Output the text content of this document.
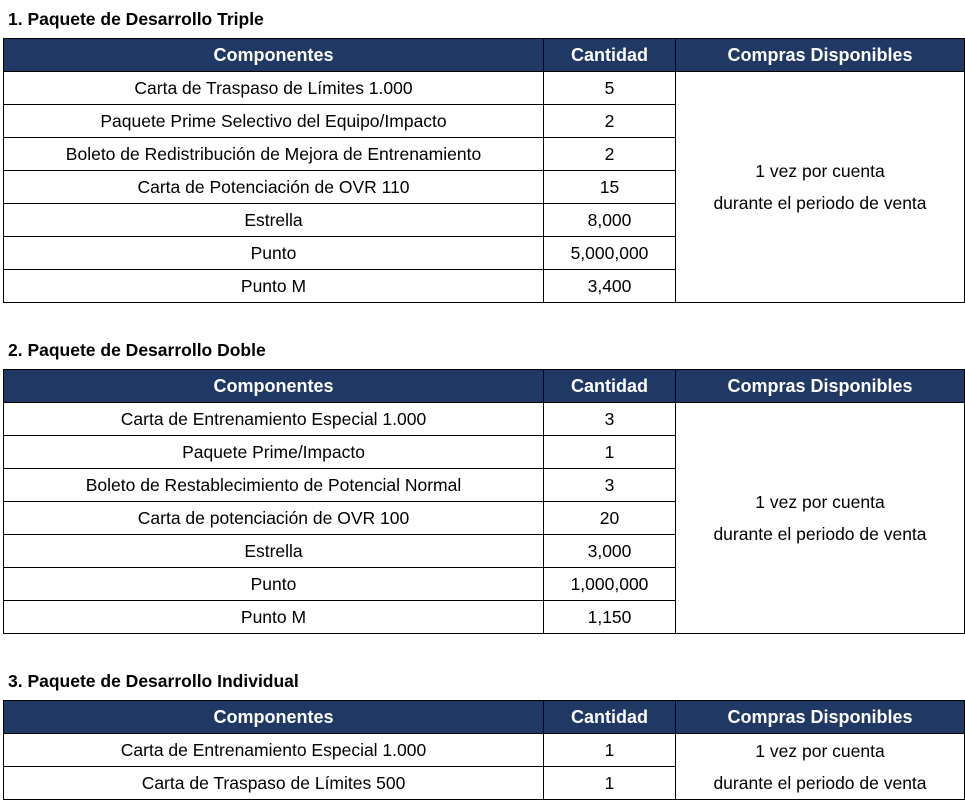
1. Paquete de Desarrollo Triple
Componentes	Cantidad	Compras Disponibles
Carta de Traspaso de Límites 1.000	5	1 vez por cuenta
durante el periodo de venta

Paquete Prime Selectivo del Equipo/Impacto	2	
Boleto de Redistribución de Mejora de Entrenamiento	2	
Carta de Potenciación de OVR 110	15	
Estrella	8,000	
Punto	5,000,000	
Punto M	3,400	
2. Paquete de Desarrollo Doble
Componentes	Cantidad	Compras Disponibles
Carta de Entrenamiento Especial 1.000	3	1 vez por cuenta
durante el periodo de venta

Paquete Prime/Impacto	1	
Boleto de Restablecimiento de Potencial Normal	3	
Carta de potenciación de OVR 100	20	
Estrella	3,000	
Punto	1,000,000	
Punto M	1,150	
3. Paquete de Desarrollo Individual
Componentes	Cantidad	Compras Disponibles
Carta de Entrenamiento Especial 1.000	1	1 vez por cuenta
durante el periodo de venta

Carta de Traspaso de Límites 500	1	
